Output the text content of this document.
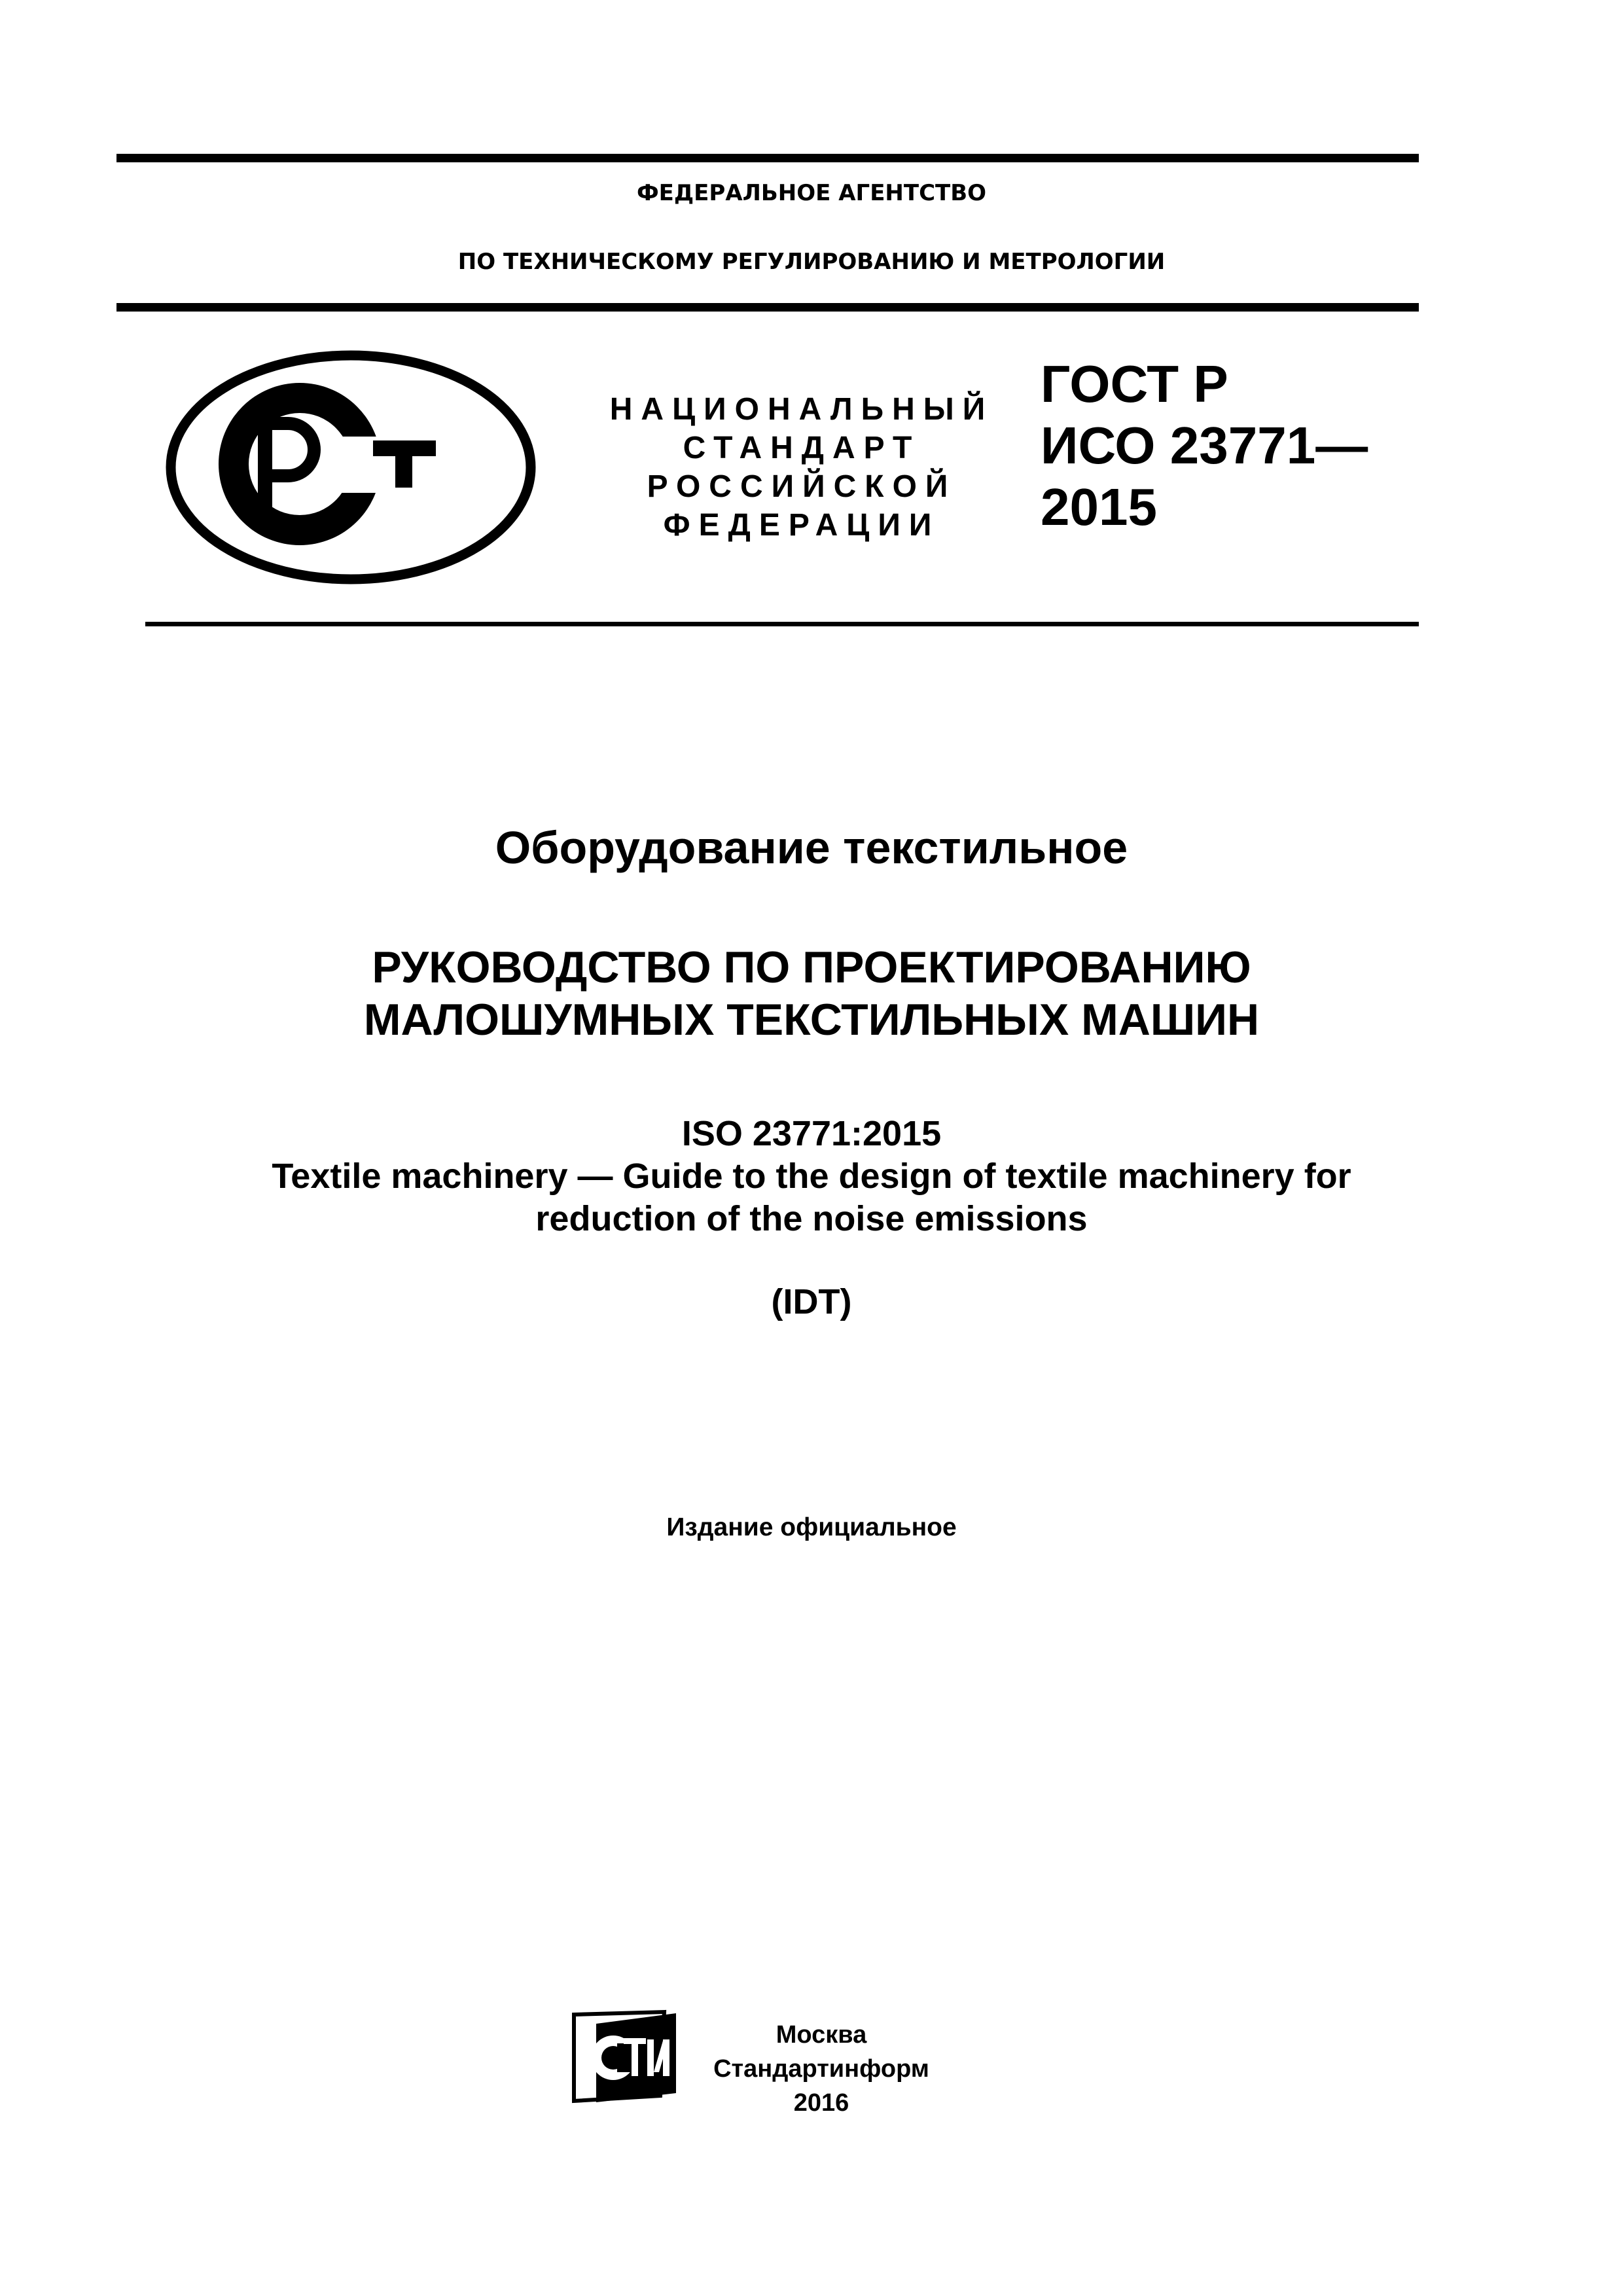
ФЕДЕРАЛЬНОЕ АГЕНТСТВО
ПО ТЕХНИЧЕСКОМУ РЕГУЛИРОВАНИЮ И МЕТРОЛОГИИ
НАЦИОНАЛЬНЫЙ
СТАНДАРТ
РОССИЙСКОЙ
ФЕДЕРАЦИИ
ГОСТ Р
ИСО 23771—
2015
Оборудование текстильное
РУКОВОДСТВО ПО ПРОЕКТИРОВАНИЮ
МАЛОШУМНЫХ ТЕКСТИЛЬНЫХ МАШИН
ISO 23771:2015
Textile machinery — Guide to the design of textile machinery for
reduction of the noise emissions
(IDT)
Издание официальное
Москва
Стандартинформ
2016
